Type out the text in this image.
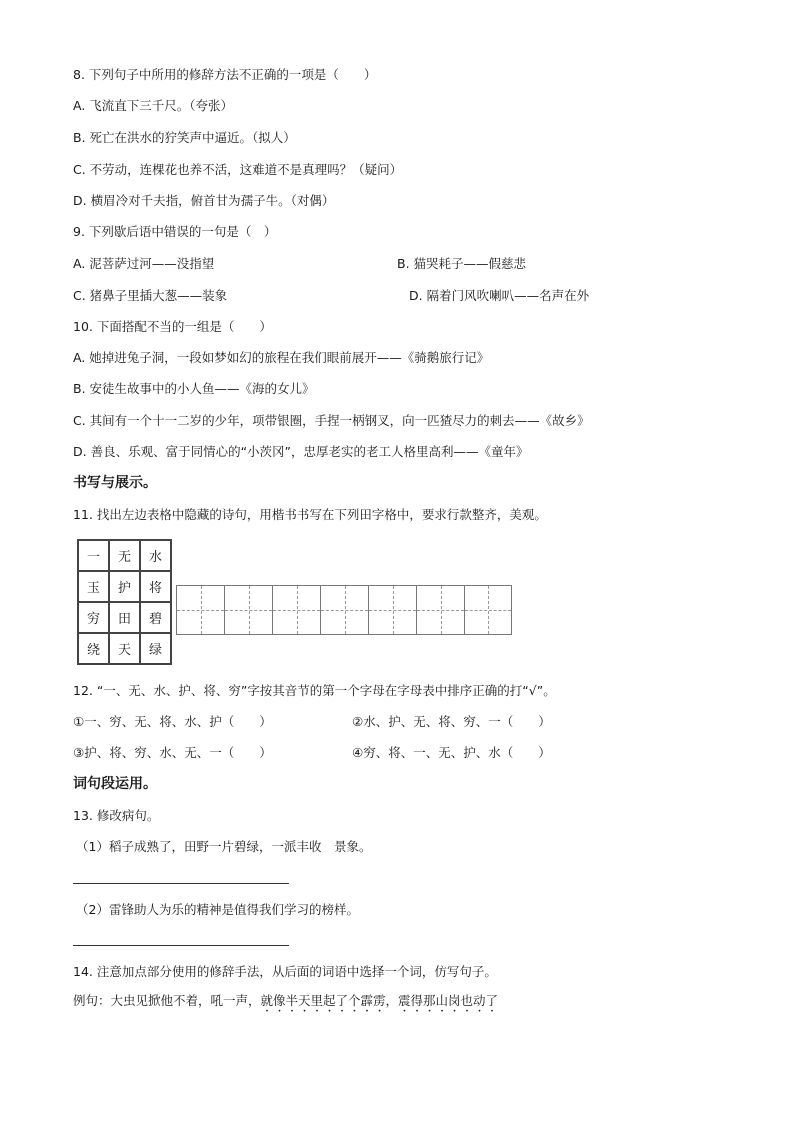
8. 下列句子中所用的修辞方法不正确的一项是（　　）
A. 飞流直下三千尺。（夸张）
B. 死亡在洪水的狞笑声中逼近。（拟人）
C. 不劳动，连棵花也养不活，这难道不是真理吗？（疑问）
D. 横眉冷对千夫指，俯首甘为孺子牛。（对偶）
9. 下列歇后语中错误的一句是（　）
A. 泥菩萨过河——没指望	B. 猫哭耗子——假慈悲
C. 猪鼻子里插大葱——装象	D. 隔着门风吹喇叭——名声在外
10. 下面搭配不当的一组是（　　）
A. 她掉进兔子洞，一段如梦如幻的旅程在我们眼前展开——《骑鹅旅行记》
B. 安徒生故事中的小人鱼——《海的女儿》
C. 其间有一个十一二岁的少年，项带银圈，手捏一柄钢叉，向一匹猹尽力的刺去——《故乡》
D. 善良、乐观、富于同情心的“小茨冈”，忠厚老实的老工人格里高利——《童年》
书写与展示。
11. 找出左边表格中隐藏的诗句，用楷书书写在下列田字格中，要求行款整齐，美观。
一	无	水
玉	护	将
穷	田	碧
绕	天	绿
12. “一、无、水、护、将、穷”字按其音节的第一个字母在字母表中排序正确的打“√”。
①一、穷、无、将、水、护（　　）	②水、护、无、将、穷、一（　　）
③护、将、穷、水、无、一（　　）	④穷、将、一、无、护、水（　　）
词句段运用。
13. 修改病句。
（1）稻子成熟了，田野一片碧绿，一派丰收　景象。
（2）雷锋助人为乐的精神是值得我们学习的榜样。
14. 注意加点部分使用的修辞手法，从后面的词语中选择一个词，仿写句子。
例句：大虫见掀他不着，吼一声，就像半天里起了个霹雳，震得那山岗也动了
